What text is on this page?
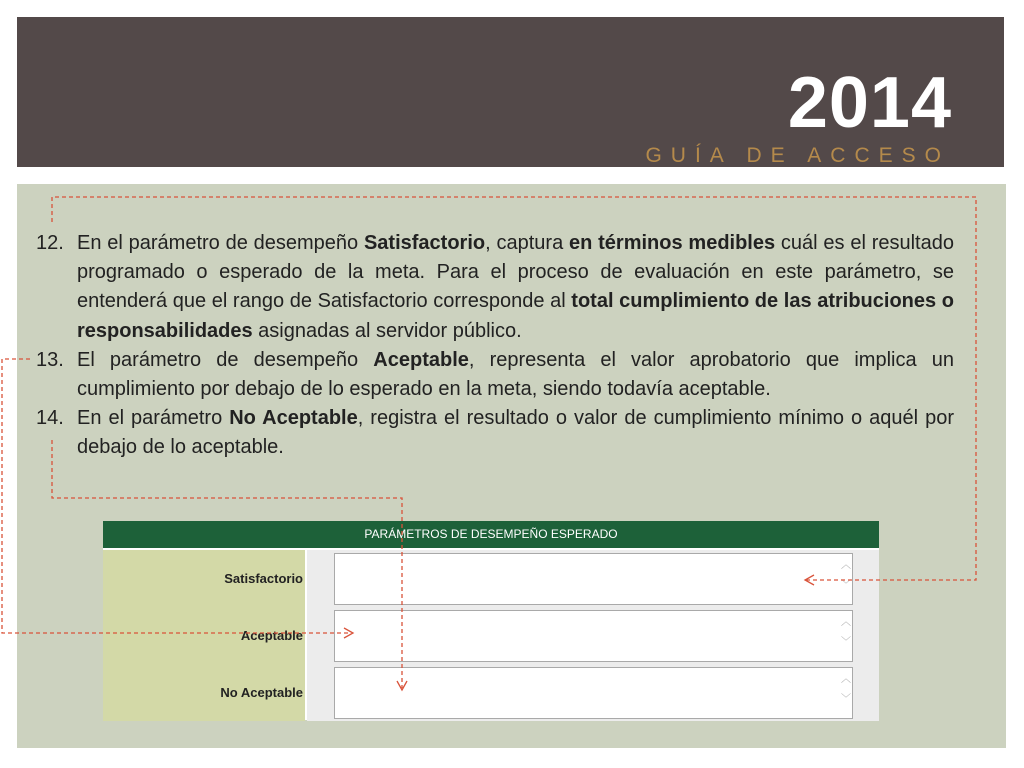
2014
GUÍA DE ACCESO
12. En el parámetro de desempeño Satisfactorio, captura en términos medibles cuál es el resultado programado o esperado de la meta. Para el proceso de evaluación en este parámetro, se entenderá que el rango de Satisfactorio corresponde al total cumplimiento de las atribuciones o responsabilidades asignadas al servidor público.
13. El parámetro de desempeño Aceptable, representa el valor aprobatorio que implica un cumplimiento por debajo de lo esperado en la meta, siendo todavía aceptable.
14. En el parámetro No Aceptable, registra el resultado o valor de cumplimiento mínimo o aquél por debajo de lo aceptable.
PARÁMETROS DE DESEMPEÑO ESPERADO
Satisfactorio
︿
﹀
Aceptable
︿
﹀
No Aceptable
︿
﹀
